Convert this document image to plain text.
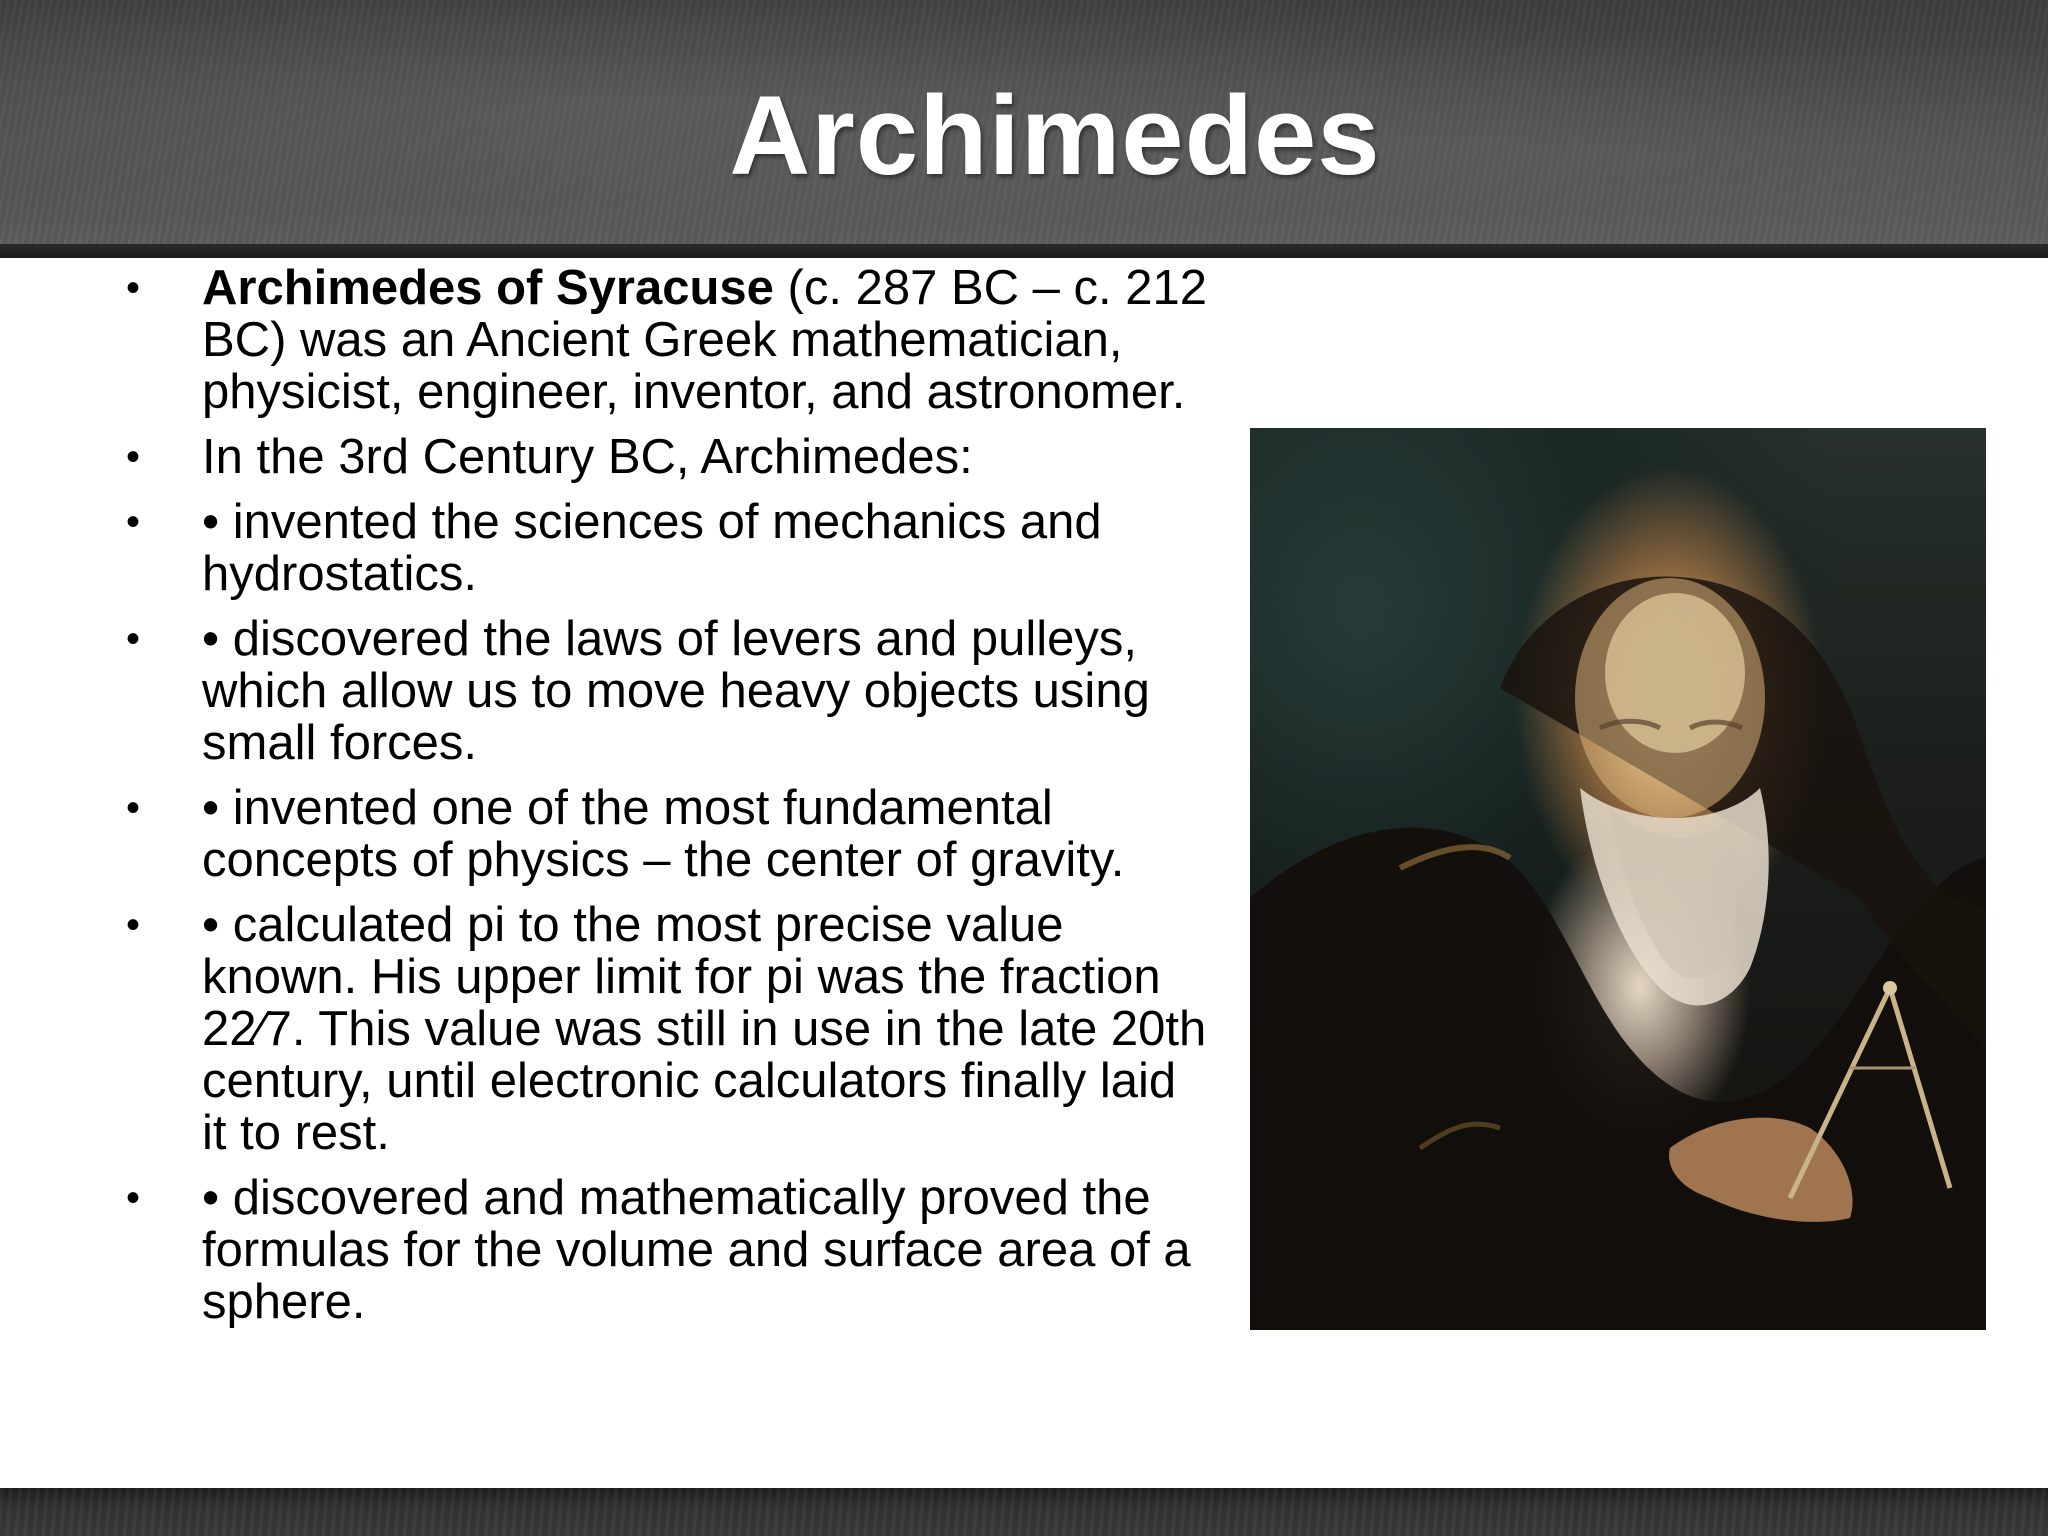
Archimedes
• Archimedes of Syracuse (c. 287 BC – c. 212 BC) was an Ancient Greek mathematician, physicist, engineer, inventor, and astronomer.
• In the 3rd Century BC, Archimedes:
• • invented the sciences of mechanics and hydrostatics.
• • discovered the laws of levers and pulleys, which allow us to move heavy objects using small forces.
• • invented one of the most fundamental concepts of physics – the center of gravity.
• • calculated pi to the most precise value known. His upper limit for pi was the fraction 22⁄7. This value was still in use in the late 20th century, until electronic calculators finally laid it to rest.
• • discovered and mathematically proved the formulas for the volume and surface area of a sphere.
